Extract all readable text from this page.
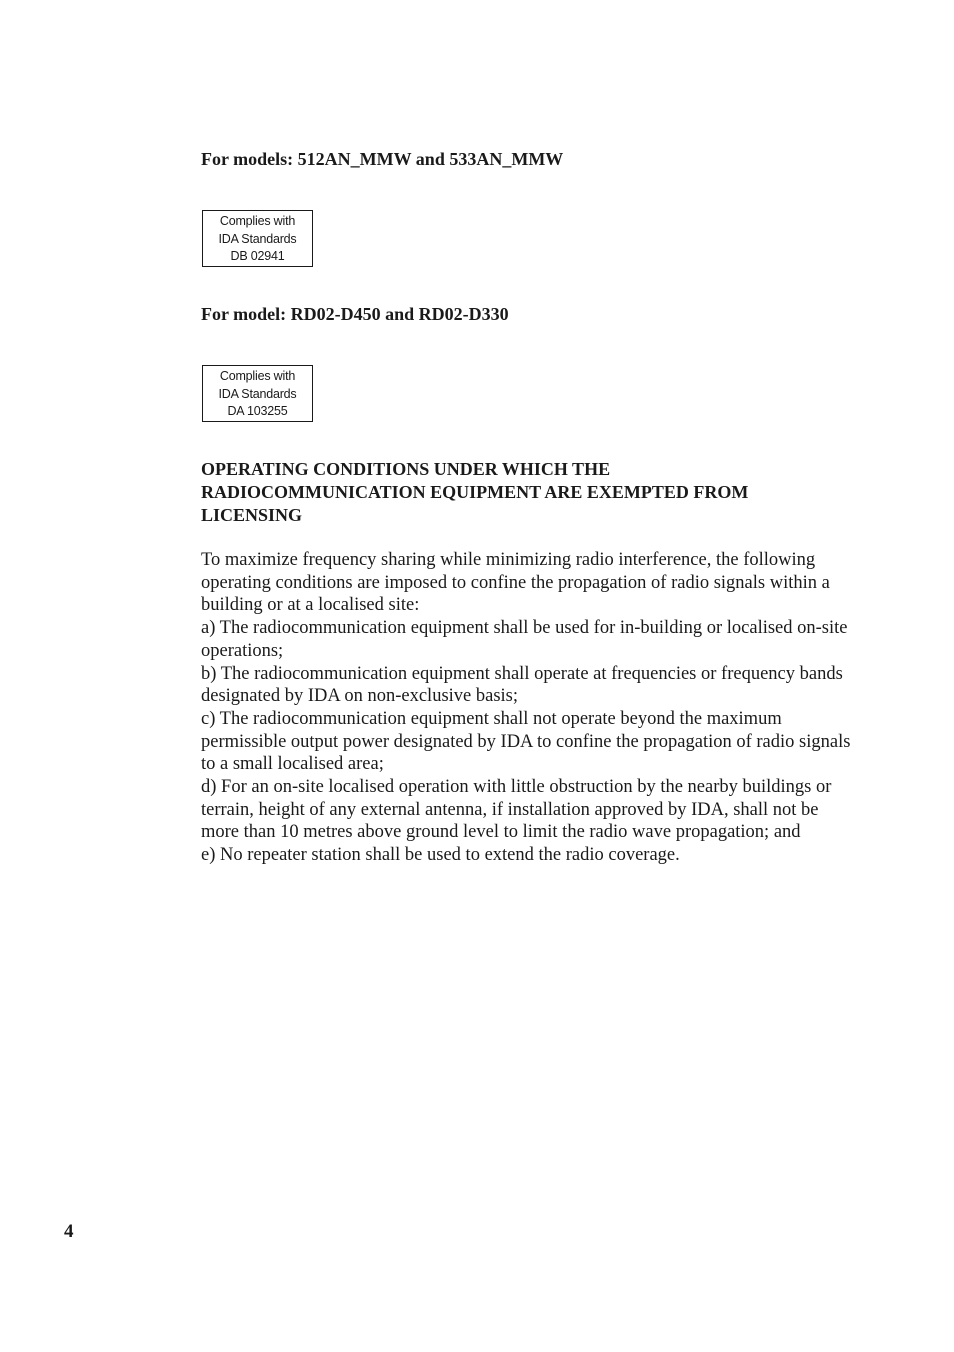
For models: 512AN_MMW and 533AN_MMW
Complies with
IDA Standards
DB 02941
For model: RD02-D450 and RD02-D330
Complies with
IDA Standards
DA 103255
OPERATING CONDITIONS UNDER WHICH THE
RADIOCOMMUNICATION EQUIPMENT ARE EXEMPTED FROM
LICENSING

To maximize frequency sharing while minimizing radio interference, the following operating conditions are imposed to confine the propagation of radio signals within a building or at a localised site:

a) The radiocommunication equipment shall be used for in-building or localised on-site operations;

b) The radiocommunication equipment shall operate at frequencies or frequency bands designated by IDA on non-exclusive basis;

c) The radiocommunication equipment shall not operate beyond the maximum permissible output power designated by IDA to confine the propagation of radio signals to a small localised area;

d) For an on-site localised operation with little obstruction by the nearby buildings or terrain, height of any external antenna, if installation approved by IDA, shall not be more than 10 metres above ground level to limit the radio wave propagation; and

e) No repeater station shall be used to extend the radio coverage.

4
